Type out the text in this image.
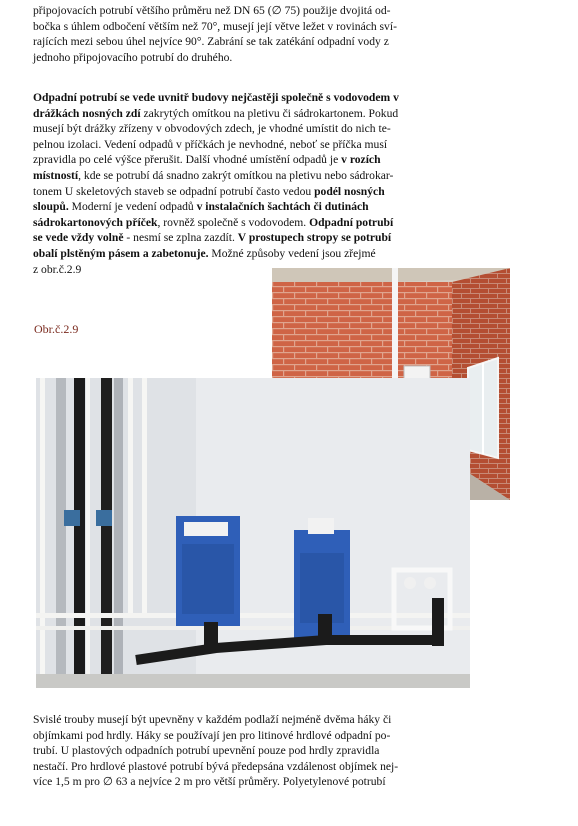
připojovacích potrubí většího průměru než DN 65 (∅ 75) použije dvojitá od-
bočka s úhlem odbočení větším než 70°, musejí její větve ležet v rovinách sví-
rajících mezi sebou úhel nejvíce 90°. Zabrání se tak zatékání odpadní vody z
jednoho připojovacího potrubí do druhého.
Odpadní potrubí se vede uvnitř budovy nejčastěji společně s vodovodem v
drážkách nosných zdí zakrytých omítkou na pletivu či sádrokartonem. Pokud
musejí být drážky zřízeny v obvodových zdech, je vhodné umístit do nich te-
pelnou izolaci. Vedení odpadů v příčkách je nevhodné, neboť se příčka musí
zpravidla po celé výšce přerušit. Další vhodné umístění odpadů je v rozích
místností, kde se potrubí dá snadno zakrýt omítkou na pletivu nebo sádrokar-
tonem U skeletových staveb se odpadní potrubí často vedou podél nosných
sloupů. Moderní je vedení odpadů v instalačních šachtách či dutinách
sádrokartonových příček, rovněž společně s vodovodem. Odpadní potrubí
se vede vždy volně - nesmí se zplna zazdít. V prostupech stropy se potrubí
obalí plstěným pásem a zabetonuje. Možné způsoby vedení jsou zřejmé
z obr.č.2.9
Obr.č.2.9
Svislé trouby musejí být upevněny v každém podlaží nejméně dvěma háky či
objímkami pod hrdly. Háky se používají jen pro litinové hrdlové odpadní po-
trubí. U plastových odpadních potrubí upevnění pouze pod hrdly zpravidla
nestačí. Pro hrdlové plastové potrubí bývá předepsána vzdálenost objímek nej-
více 1,5 m pro ∅ 63 a nejvíce 2 m pro větší průměry. Polyetylenové potrubí
